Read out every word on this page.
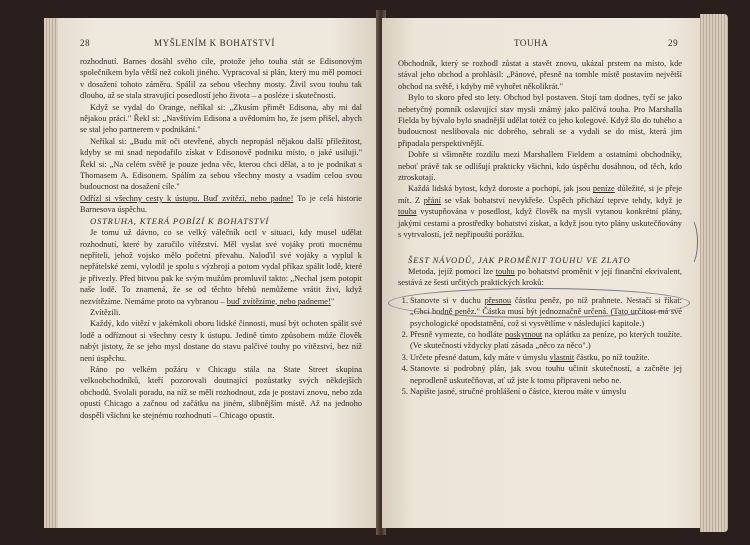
28	MYŠLENÍM K BOHATSTVÍ

rozhodnutí. Barnes dosáhl svého cíle, protože jeho touha stát se Edisonovým společníkem byla větší než cokoli jiného. Vypracoval si plán, který mu měl pomoci v dosažení tohoto záměru. Spálil za sebou všechny mosty. Živil svou touhu tak dlouho, až se stala stravující posedlostí jeho života – a posléze i skutečností.

Když se vydal do Orange, neříkal si: „Zkusím přimět Edisona, aby mi dal nějakou práci." Řekl si: „Navštívím Edisona a uvědomím ho, že jsem přišel, abych se stal jeho partnerem v podnikání."

Neříkal si: „Budu mít oči otevřené, abych nepropásl nějakou další příležitost, kdyby se mi snad nepodařilo získat v Edisonově podniku místo, o jaké usiluji." Řekl si: „Na celém světě je pouze jedna věc, kterou chci dělat, a to je podnikat s Thomasem A. Edisonem. Spálím za sebou všechny mosty a vsadím celou svou budoucnost na dosažení cíle."

Odřízl si všechny cesty k ústupu. Buď zvítězí, nebo padne! To je celá historie Barnesova úspěchu.

OSTRUHA, KTERÁ POBÍZÍ K BOHATSTVÍ

Je tomu už dávno, co se velký válečník octl v situaci, kdy musel udělat rozhodnutí, které by zaručilo vítězství. Měl vyslat své vojáky proti mocnému nepříteli, jehož vojsko mělo početní převahu. Naloďil své vojáky a vyplul k nepřátelské zemi, vylodil je spolu s výzbrojí a potom vydal příkaz spálit lodě, které je přivezly. Před bitvou pak ke svým mužům promluvil takto: „Nechal jsem potopit naše lodě. To znamená, že se od těchto břehů nemůžeme vrátit živí, když nezvítězíme. Nemáme proto na vybranou – buď zvítězíme, nebo padneme!"

Zvítězili.

Každý, kdo vítězí v jakémkoli oboru lidské činnosti, musí být ochoten spálit své lodě a odříznout si všechny cesty k ústupu. Jedině tímto způsobem může člověk nabýt jistoty, že se jeho mysl dostane do stavu palčivé touhy po vítězství, bez níž není úspěchu.

Ráno po velkém požáru v Chicagu stála na State Street skupina velkoobchodníků, kteří pozorovali doutnající pozůstatky svých někdejších obchodů. Svolali poradu, na níž se měli rozhodnout, zda je postaví znovu, nebo zda opustí Chicago a začnou od začátku na jiném, slibnějším místě. Až na jednoho dospěli všichni ke stejnému rozhodnutí – Chicago opustit.

TOUHA	29

Obchodník, který se rozhodl zůstat a stavět znovu, ukázal prstem na místo, kde stával jeho obchod a prohlásil: „Pánové, přesně na tomhle místě postavím největší obchod na světě, i kdyby mě vyhořet několikrát."

Bylo to skoro před sto lety. Obchod byl postaven. Stojí tam dodnes, tyčí se jako nebetyčný pomník oslavující stav mysli známý jako palčivá touha. Pro Marshalla Fielda by bývalo bylo snadnější udělat totéž co jeho kolegové. Když šlo do tuhého a budoucnost neslibovala nic dobrého, sebrali se a vydali se do míst, která jim připadala perspektivnější.

Dobře si všimněte rozdílu mezi Marshallem Fieldem a ostatními obchodníky, neboť právě tak se odlišují prakticky všichni, kdo úspěchu dosáhnou, od těch, kdo ztroskotají.

Každá lidská bytost, když doroste a pochopí, jak jsou peníze důležité, si je přeje mít. Z přání se však bohatství nevykřeše. Úspěch přichází teprve tehdy, když je touha vystupňována v posedlost, když člověk na mysli vytanou konkrétní plány, jakými cestami a prostředky bohatství získat, a když jsou tyto plány uskutečňovány s vytrvalostí, jež nepřipouští porážku.

ŠEST NÁVODŮ, JAK PROMĚNIT TOUHU VE ZLATO

Metoda, jejíž pomocí lze touhu po bohatství proměnit v její finanční ekvivalent, sestává ze šesti určitých praktických kroků:

1. Stanovte si v duchu přesnou částku peněz, po níž prahnete. Nestačí si říkat: „Chci hodně peněz." Částka musí být jednoznačně určená. (Tato určitost má své psychologické opodstatnění, což si vysvětlíme v následující kapitole.)
2. Přesně vymezte, co hodláte poskytnout na oplátku za peníze, po kterých toužíte. (Ve skutečnosti vždycky platí zásada „něco za něco".)
3. Určete přesné datum, kdy máte v úmyslu vlastnit částku, po níž toužíte.
4. Stanovte si podrobný plán, jak svou touhu učinit skutečností, a začněte jej neprodleně uskutečňovat, ať už jste k tomu připraveni nebo ne.
5. Napište jasné, stručné prohlášení o částce, kterou máte v úmyslu
